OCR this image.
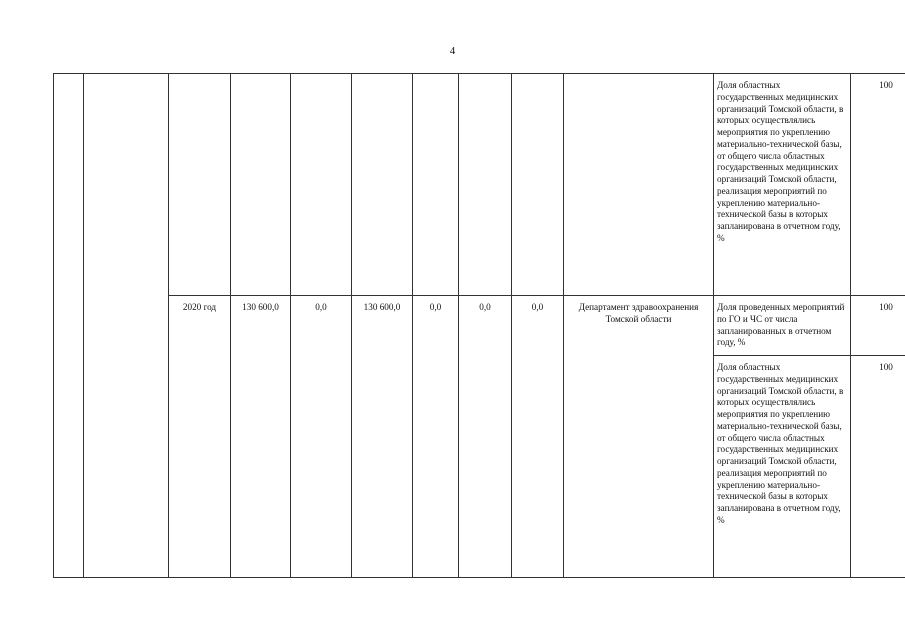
4

										Доля областных государственных медицинских организаций Томской области, в которых осуществлялись мероприятия по укреплению материально-технической базы, от общего числа областных государственных медицинских организаций Томской области, реализация мероприятий по укреплению материально-технической базы в которых запланирована в отчетном году, %	100
		2020 год	130 600,0	0,0	130 600,0	0,0	0,0	0,0	Департамент здравоохранения Томской области	Доля проведенных мероприятий по ГО и ЧС от числа запланированных в отчетном году, %	100

										Доля областных государственных медицинских организаций Томской области, в которых осуществлялись мероприятия по укреплению материально-технической базы, от общего числа областных государственных медицинских организаций Томской области, реализация мероприятий по укреплению материально-технической базы в которых запланирована в отчетном году, %	100
